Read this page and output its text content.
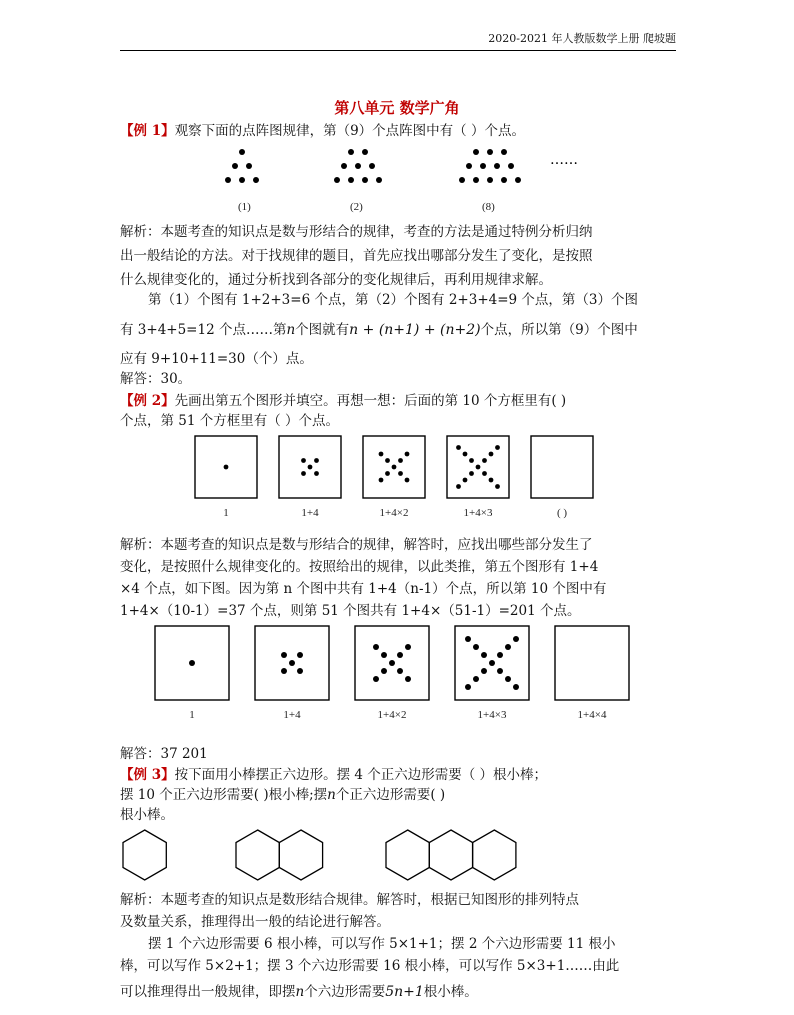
2020-2021 年人教版数学上册 爬坡题
第八单元 数学广角
【例 1】观察下面的点阵图规律，第（9）个点阵图中有（ ）个点。
(1)	(2)	(8)
……
解析：本题考查的知识点是数与形结合的规律，考查的方法是通过特例分析归纳
出一般结论的方法。对于找规律的题目，首先应找出哪部分发生了变化，是按照
什么规律变化的，通过分析找到各部分的变化规律后，再利用规律求解。
第（1）个图有 1+2+3=6 个点，第（2）个图有 2+3+4=9 个点，第（3）个图
有 3+4+5=12 个点……第n个图就有n + (n+1) + (n+2)个点，所以第（9）个图中
应有 9+10+11=30（个）点。
解答：30。
【例 2】先画出第五个图形并填空。再想一想：后面的第 10 个方框里有( )
个点，第 51 个方框里有（ ）个点。
1	1+4	1+4×2	1+4×3	( )
解析：本题考查的知识点是数与形结合的规律，解答时，应找出哪些部分发生了
变化，是按照什么规律变化的。按照给出的规律，以此类推，第五个图形有 1+4
×4 个点，如下图。因为第 n 个图中共有 1+4（n-1）个点，所以第 10 个图中有
1+4×（10-1）=37 个点，则第 51 个图共有 1+4×（51-1）=201 个点。
1	1+4	1+4×2	1+4×3	1+4×4
解答：37 201
【例 3】按下面用小棒摆正六边形。摆 4 个正六边形需要（ ）根小棒；
摆 10 个正六边形需要( )根小棒;摆n个正六边形需要( )
根小棒。
解析：本题考查的知识点是数形结合规律。解答时，根据已知图形的排列特点
及数量关系，推理得出一般的结论进行解答。
摆 1 个六边形需要 6 根小棒，可以写作 5×1+1；摆 2 个六边形需要 11 根小
棒，可以写作 5×2+1；摆 3 个六边形需要 16 根小棒，可以写作 5×3+1……由此
可以推理得出一般规律，即摆n个六边形需要5n+1根小棒。
